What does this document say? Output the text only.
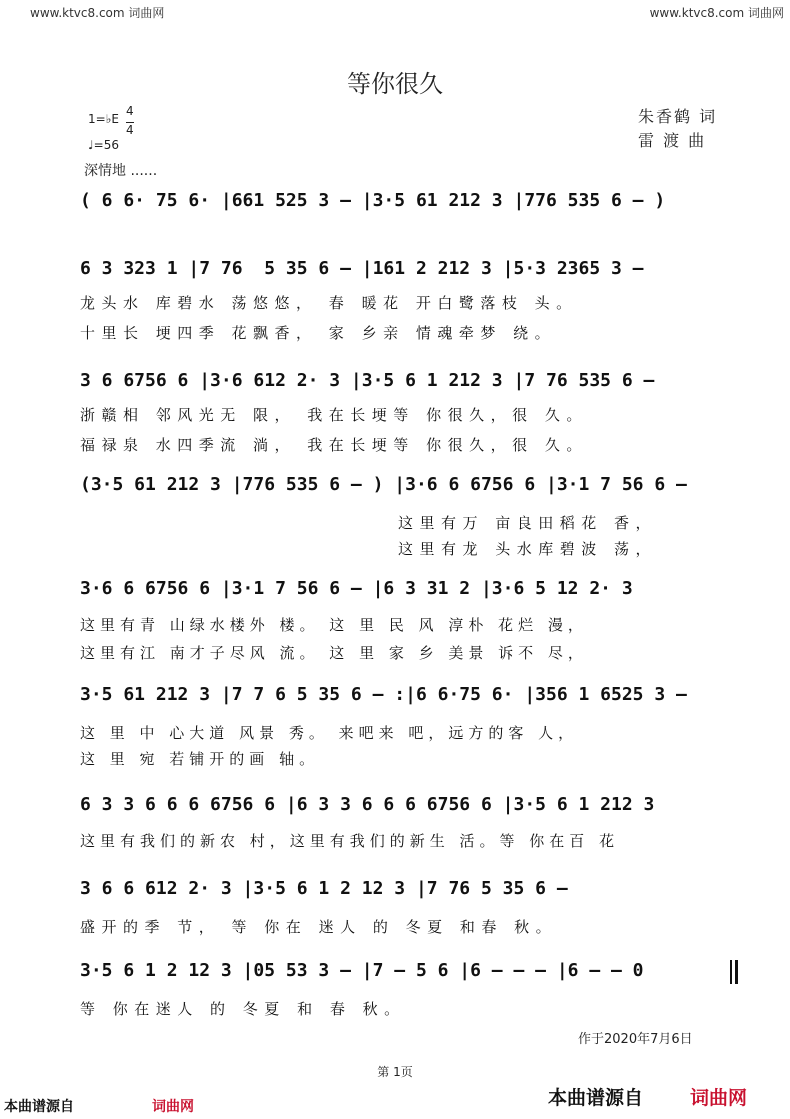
www.ktvc8.com 词曲网	www.ktvc8.com 词曲网
等你很久
朱香鹤 词
雷 渡 曲
1=♭E
4
4
♩=56
深情地 ......
( 6 6· 75 6· |661 525 3 – |3·5 61 212 3 |776 535 6 – )
6 3 323 1 |7 76  5 35 6 – |161 2 212 3 |5·3 2365 3 –
龙头水 库碧水 荡悠悠， 春 暖花 开白鹭落枝 头。
十里长 埂四季 花飘香， 家 乡亲 情魂牵梦 绕。
3 6 6756 6 |3·6 612 2· 3 |3·5 6 1 212 3 |7 76 535 6 –
浙赣相 邻风光无 限， 我在长埂等 你很久，很 久。
福禄泉 水四季流 淌， 我在长埂等 你很久，很 久。
(3·5 61 212 3 |776 535 6 – ) |3·6 6 6756 6 |3·1 7 56 6 –
这里有万 亩良田稻花 香，
这里有龙 头水库碧波 荡，
3·6 6 6756 6 |3·1 7 56 6 – |6 3 31 2 |3·6 5 12 2· 3
这里有青 山绿水楼外 楼。 这 里 民 风 淳朴 花烂 漫，
这里有江 南才子尽风 流。 这 里 家 乡 美景 诉不 尽，
3·5 61 212 3 |7 7 6 5 35 6 – :|6 6·75 6· |356 1 6525 3 –
这 里 中 心大道 风景 秀。 来吧来 吧，远方的客 人，
这 里 宛 若铺开的画 轴。
6 3 3 6 6 6 6756 6 |6 3 3 6 6 6 6756 6 |3·5 6 1 212 3
这里有我们的新农 村，这里有我们的新生 活。等 你在百 花
3 6 6 612 2· 3 |3·5 6 1 2 12 3 |7 76 5 35 6 –
盛开的季 节， 等 你在 迷人 的 冬夏 和春 秋。
3·5 6 1 2 12 3 |05 53 3 – |7 – 5 6 |6 – – – |6 – – 0
等 你在迷人 的 冬夏 和 春 秋。
作于2020年7月6日
第 1页
本曲谱源自	词曲网	本曲谱源自 词曲网
